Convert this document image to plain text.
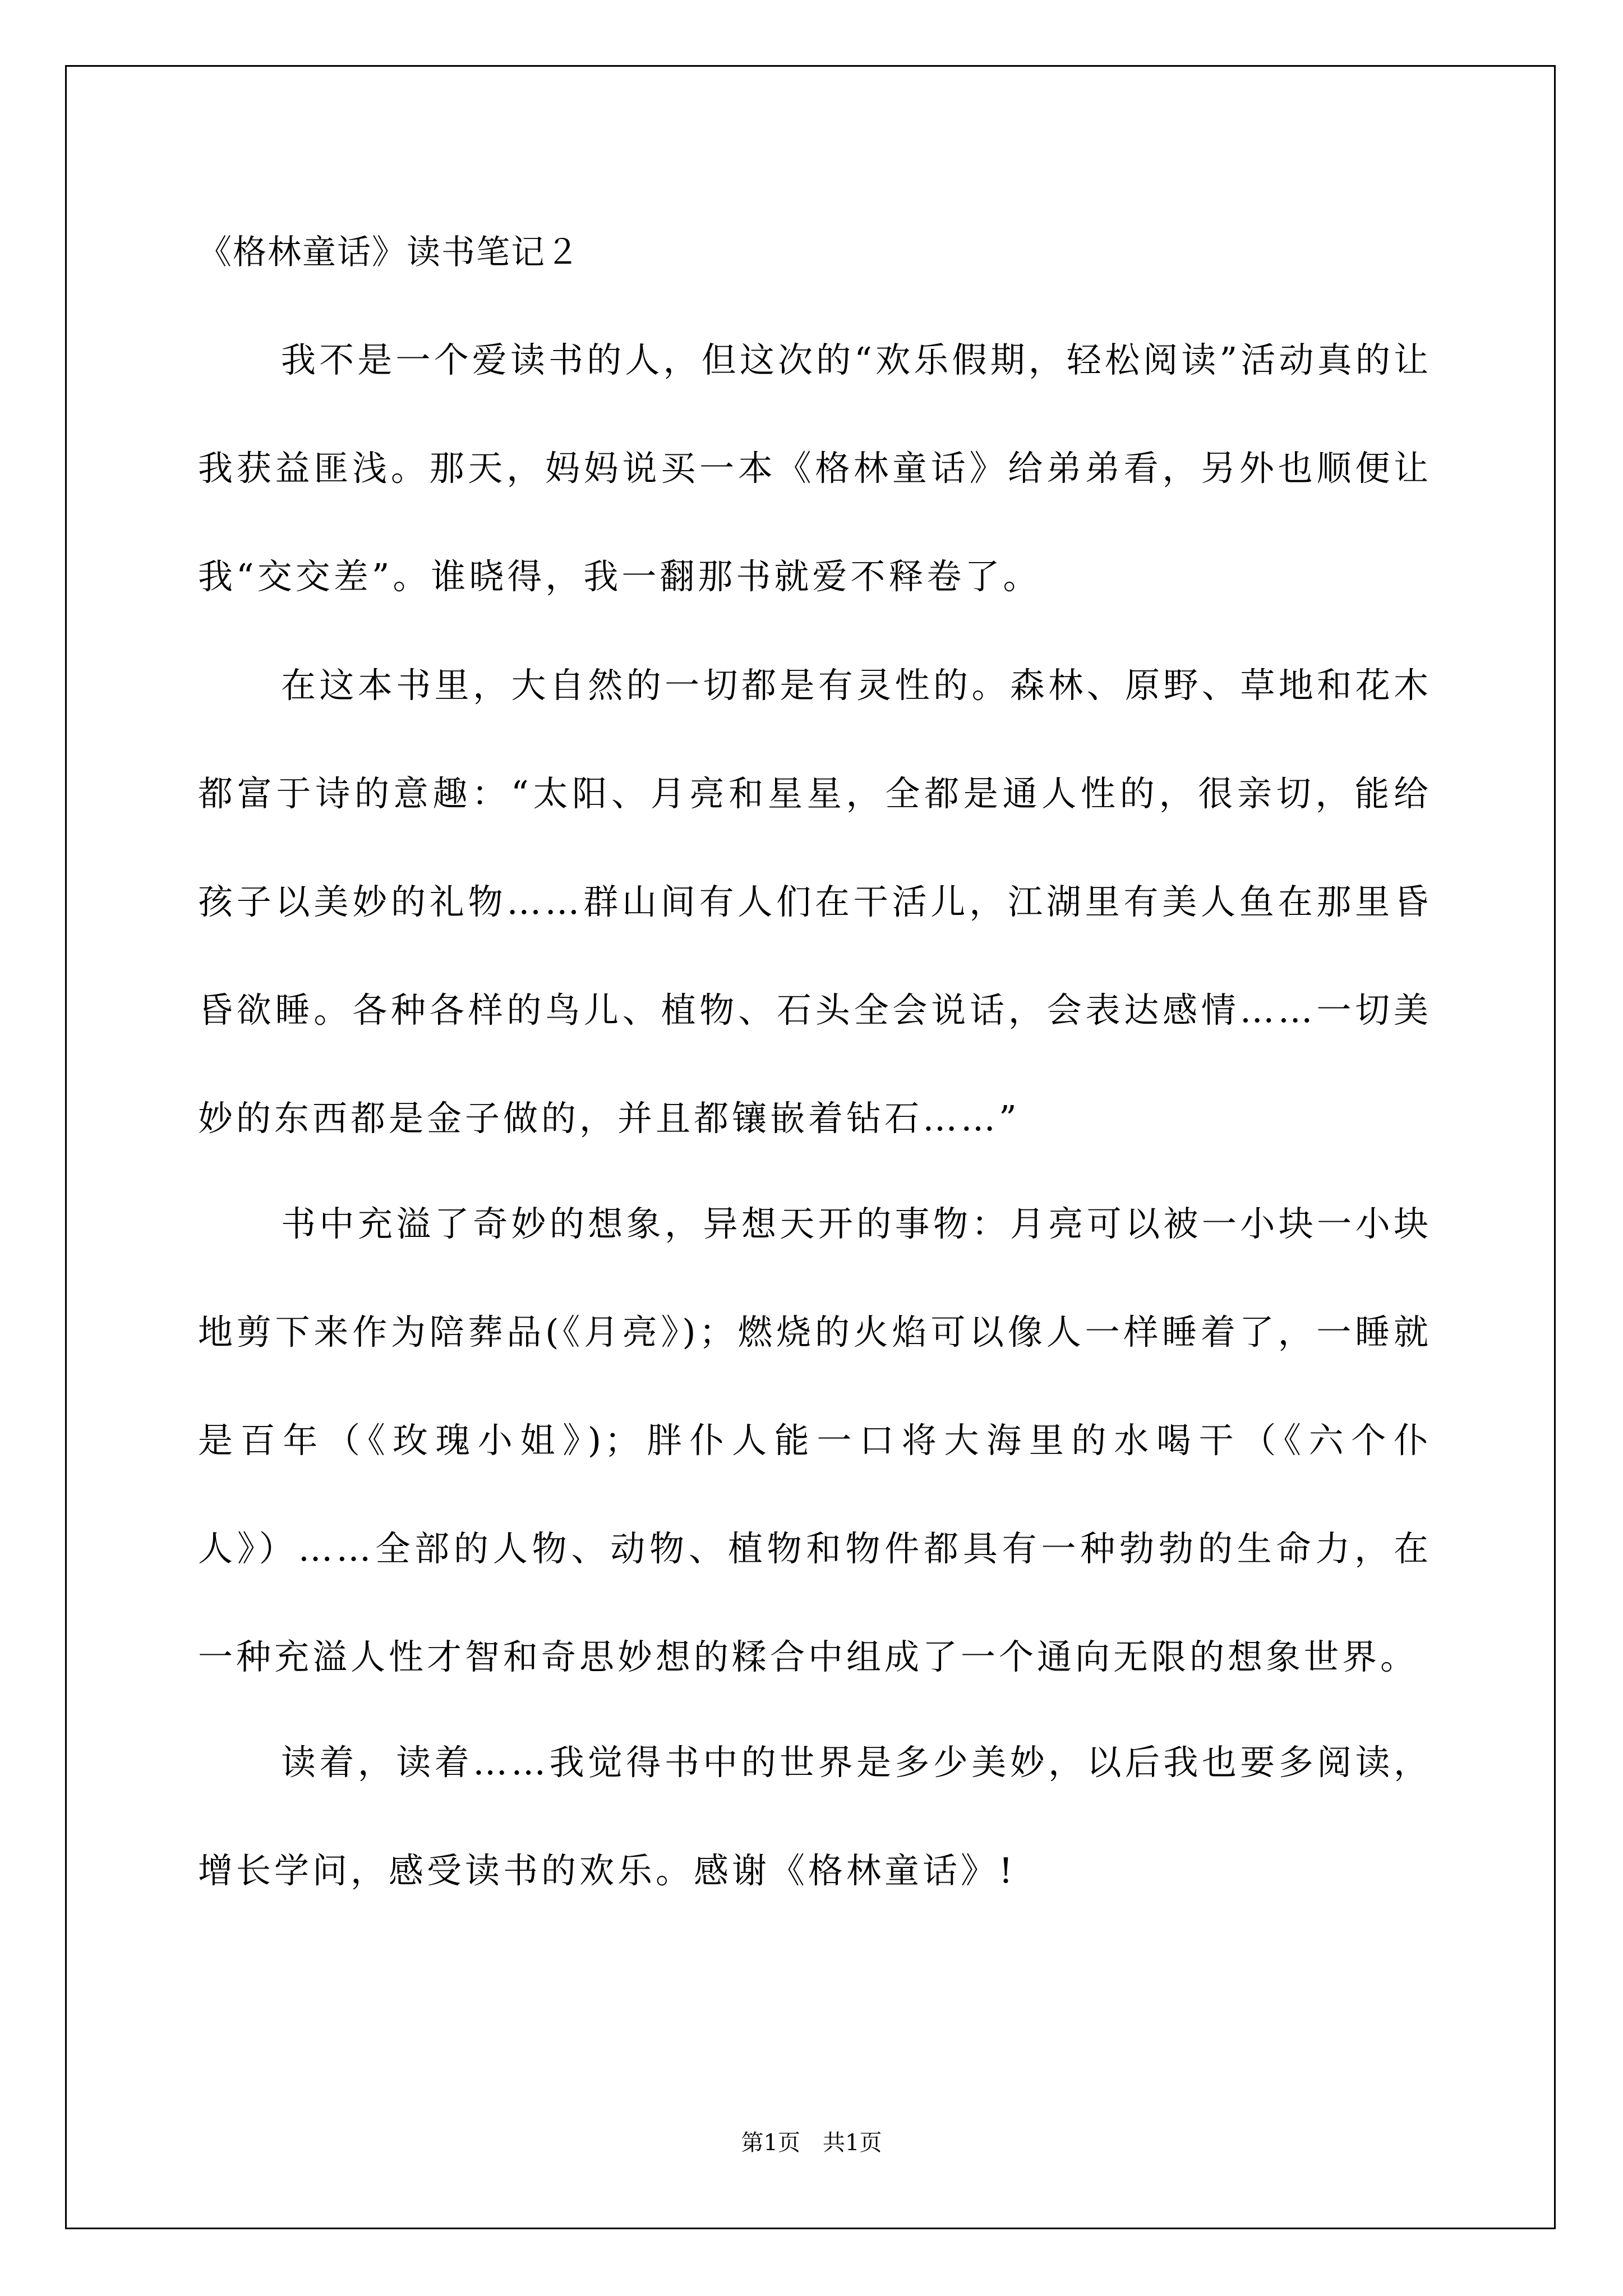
《格林童话》读书笔记２

我不是一个爱读书的人，但这次的“欢乐假期，轻松阅读”活动真的让我获益匪浅。那天，妈妈说买一本《格林童话》给弟弟看，另外也顺便让我“交交差”。谁晓得，我一翻那书就爱不释卷了。

在这本书里，大自然的一切都是有灵性的。森林、原野、草地和花木都富于诗的意趣：“太阳、月亮和星星，全都是通人性的，很亲切，能给孩子以美妙的礼物……群山间有人们在干活儿，江湖里有美人鱼在那里昏昏欲睡。各种各样的鸟儿、植物、石头全会说话，会表达感情……一切美妙的东西都是金子做的，并且都镶嵌着钻石……”

书中充溢了奇妙的想象，异想天开的事物：月亮可以被一小块一小块地剪下来作为陪葬品(《月亮》)；燃烧的火焰可以像人一样睡着了，一睡就是百年（《玫瑰小姐》)；胖仆人能一口将大海里的水喝干（《六个仆人》）……全部的人物、动物、植物和物件都具有一种勃勃的生命力，在一种充溢人性才智和奇思妙想的糅合中组成了一个通向无限的想象世界。

读着，读着……我觉得书中的世界是多少美妙，以后我也要多阅读，增长学问，感受读书的欢乐。感谢《格林童话》!

第1页　共1页
